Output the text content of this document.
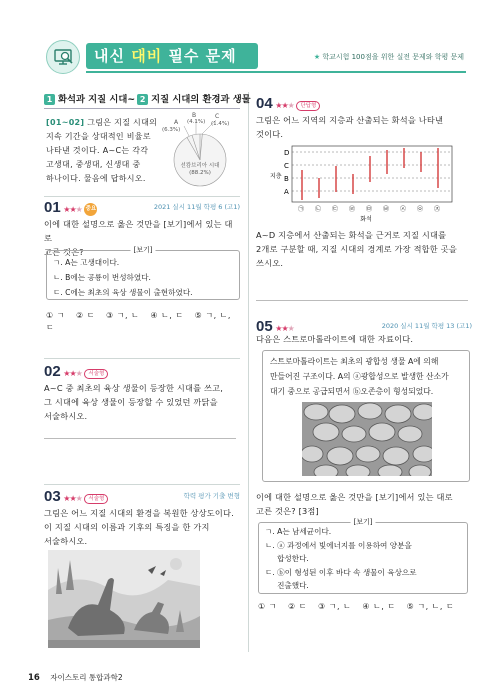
내신 대비 필수 문제	★ 학교시험 100점을 위한 실전 문제와 학평 문제
1 화석과 지질 시대~ 2 지질 시대의 환경과 생물
[01~02] 그림은 지질 시대의
지속 기간을 상대적인 비율로
나타낸 것이다. A~C는 각각
고생대, 중생대, 신생대 중
하나이다. 물음에 답하시오.
A
(6.3%)
B
(4.1%)
C
(1.4%)
선캄브리아 시대
(88.2%)
01 ★★★ 중요	2021 실시 11월 학평 6 (고1)
이에 대한 설명으로 옳은 것만을 [보기]에서 있는 대로
고른 것은?	[보기]
ㄱ. A는 고생대이다.
ㄴ. B에는 공룡이 번성하였다.
ㄷ. C에는 최초의 육상 생물이 출현하였다.
① ㄱ ② ㄷ ③ ㄱ, ㄴ ④ ㄴ, ㄷ ⑤ ㄱ, ㄴ, ㄷ
02 ★★★ 서술형
A~C 중 최초의 육상 생물이 등장한 시대를 쓰고,
그 시대에 육상 생물이 등장할 수 있었던 까닭을
서술하시오.
03 ★★★ 서술형	학력 평가 기출 변형
그림은 어느 지질 시대의 환경을 복원한 상상도이다.
이 지질 시대의 이름과 기후의 특징을 한 가지
서술하시오.
04 ★★★ 단답형
그림은 어느 지역의 지층과 산출되는 화석을 나타낸
것이다.
D
C
B
A
지층
㉠ ㉡ ㉢ ㉣ ㉤ ㉥ ㉦ ㉧ ㉨
화석
A~D 지층에서 산출되는 화석을 근거로 지질 시대를
2개로 구분할 때, 지질 시대의 경계로 가장 적합한 곳을
쓰시오.
05 ★★★	2020 실시 11월 학평 13 (고1)
다음은 스트로마톨라이트에 대한 자료이다.
스트로마톨라이트는 최초의 광합성 생물 A에 의해
만들어진 구조이다. A의 ⓐ광합성으로 발생한 산소가
대기 중으로 공급되면서 ⓑ오존층이 형성되었다.
이에 대한 설명으로 옳은 것만을 [보기]에서 있는 대로
고른 것은? [3점]
[보기]
ㄱ. A는 남세균이다.
ㄴ. ⓐ 과정에서 빛에너지를 이용하여 양분을
합성한다.
ㄷ. ⓑ이 형성된 이후 바다 속 생물이 육상으로
진출했다.
① ㄱ ② ㄷ ③ ㄱ, ㄴ ④ ㄴ, ㄷ ⑤ ㄱ, ㄴ, ㄷ
16 자이스토리 통합과학2
